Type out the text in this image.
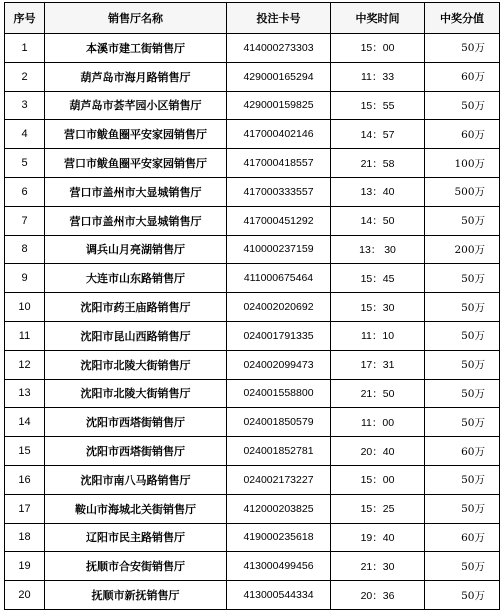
序号	销售厅名称	投注卡号	中奖时间	中奖分值
1	本溪市建工街销售厅	414000273303	15：00	50万
2	葫芦岛市海月路销售厅	429000165294	11：33	60万
3	葫芦岛市荟芊园小区销售厅	429000159825	15：55	50万
4	营口市鲅鱼圈平安家园销售厅	417000402146	14：57	60万
5	营口市鲅鱼圈平安家园销售厅	417000418557	21：58	100万
6	营口市盖州市大显城销售厅	417000333557	13：40	500万
7	营口市盖州市大显城销售厅	417000451292	14：50	50万
8	调兵山月亮湖销售厅	410000237159	13： 30	200万
9	大连市山东路销售厅	411000675464	15：45	50万
10	沈阳市药王庙路销售厅	024002020692	15：30	50万
11	沈阳市昆山西路销售厅	024001791335	11：10	50万
12	沈阳市北陵大街销售厅	024002099473	17：31	50万
13	沈阳市北陵大街销售厅	024001558800	21：50	50万
14	沈阳市西塔街销售厅	024001850579	11：00	50万
15	沈阳市西塔街销售厅	024001852781	20：40	60万
16	沈阳市南八马路销售厅	024002173227	15：00	50万
17	鞍山市海城北关街销售厅	412000203825	15：25	50万
18	辽阳市民主路销售厅	419000235618	19：40	60万
19	抚顺市合安街销售厅	413000499456	21：30	50万
20	抚顺市新抚销售厅	413000544334	20：36	50万
